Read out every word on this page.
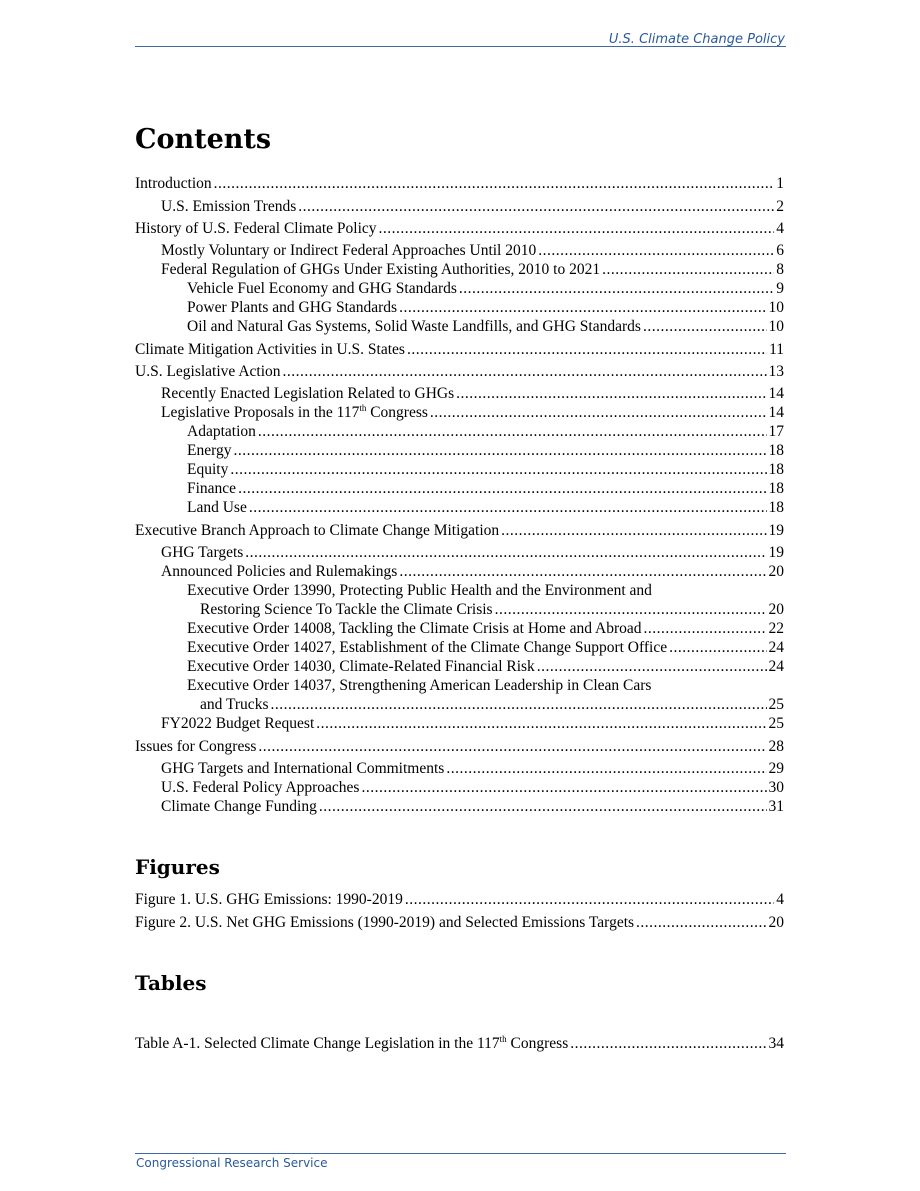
U.S. Climate Change Policy
Contents
Introduction .....	1
U.S. Emission Trends .....	2
History of U.S. Federal Climate Policy .....	4
Mostly Voluntary or Indirect Federal Approaches Until 2010 .....	6
Federal Regulation of GHGs Under Existing Authorities, 2010 to 2021 .....	8
Vehicle Fuel Economy and GHG Standards .....	9
Power Plants and GHG Standards .....	10
Oil and Natural Gas Systems, Solid Waste Landfills, and GHG Standards .....	10
Climate Mitigation Activities in U.S. States .....	11
U.S. Legislative Action .....	13
Recently Enacted Legislation Related to GHGs .....	14
Legislative Proposals in the 117th Congress .....	14
Adaptation .....	17
Energy .....	18
Equity .....	18
Finance .....	18
Land Use .....	18
Executive Branch Approach to Climate Change Mitigation .....	19
GHG Targets .....	19
Announced Policies and Rulemakings .....	20
Executive Order 13990, Protecting Public Health and the Environment and
Restoring Science To Tackle the Climate Crisis .....	20
Executive Order 14008, Tackling the Climate Crisis at Home and Abroad .....	22
Executive Order 14027, Establishment of the Climate Change Support Office .....	24
Executive Order 14030, Climate-Related Financial Risk .....	24
Executive Order 14037, Strengthening American Leadership in Clean Cars
and Trucks .....	25
FY2022 Budget Request .....	25
Issues for Congress .....	28
GHG Targets and International Commitments .....	29
U.S. Federal Policy Approaches .....	30
Climate Change Funding .....	31
Figures
Figure 1. U.S. GHG Emissions: 1990-2019 .....	4
Figure 2. U.S. Net GHG Emissions (1990-2019) and Selected Emissions Targets .....	20
Tables
Table A-1. Selected Climate Change Legislation in the 117th Congress .....	34
Congressional Research Service
